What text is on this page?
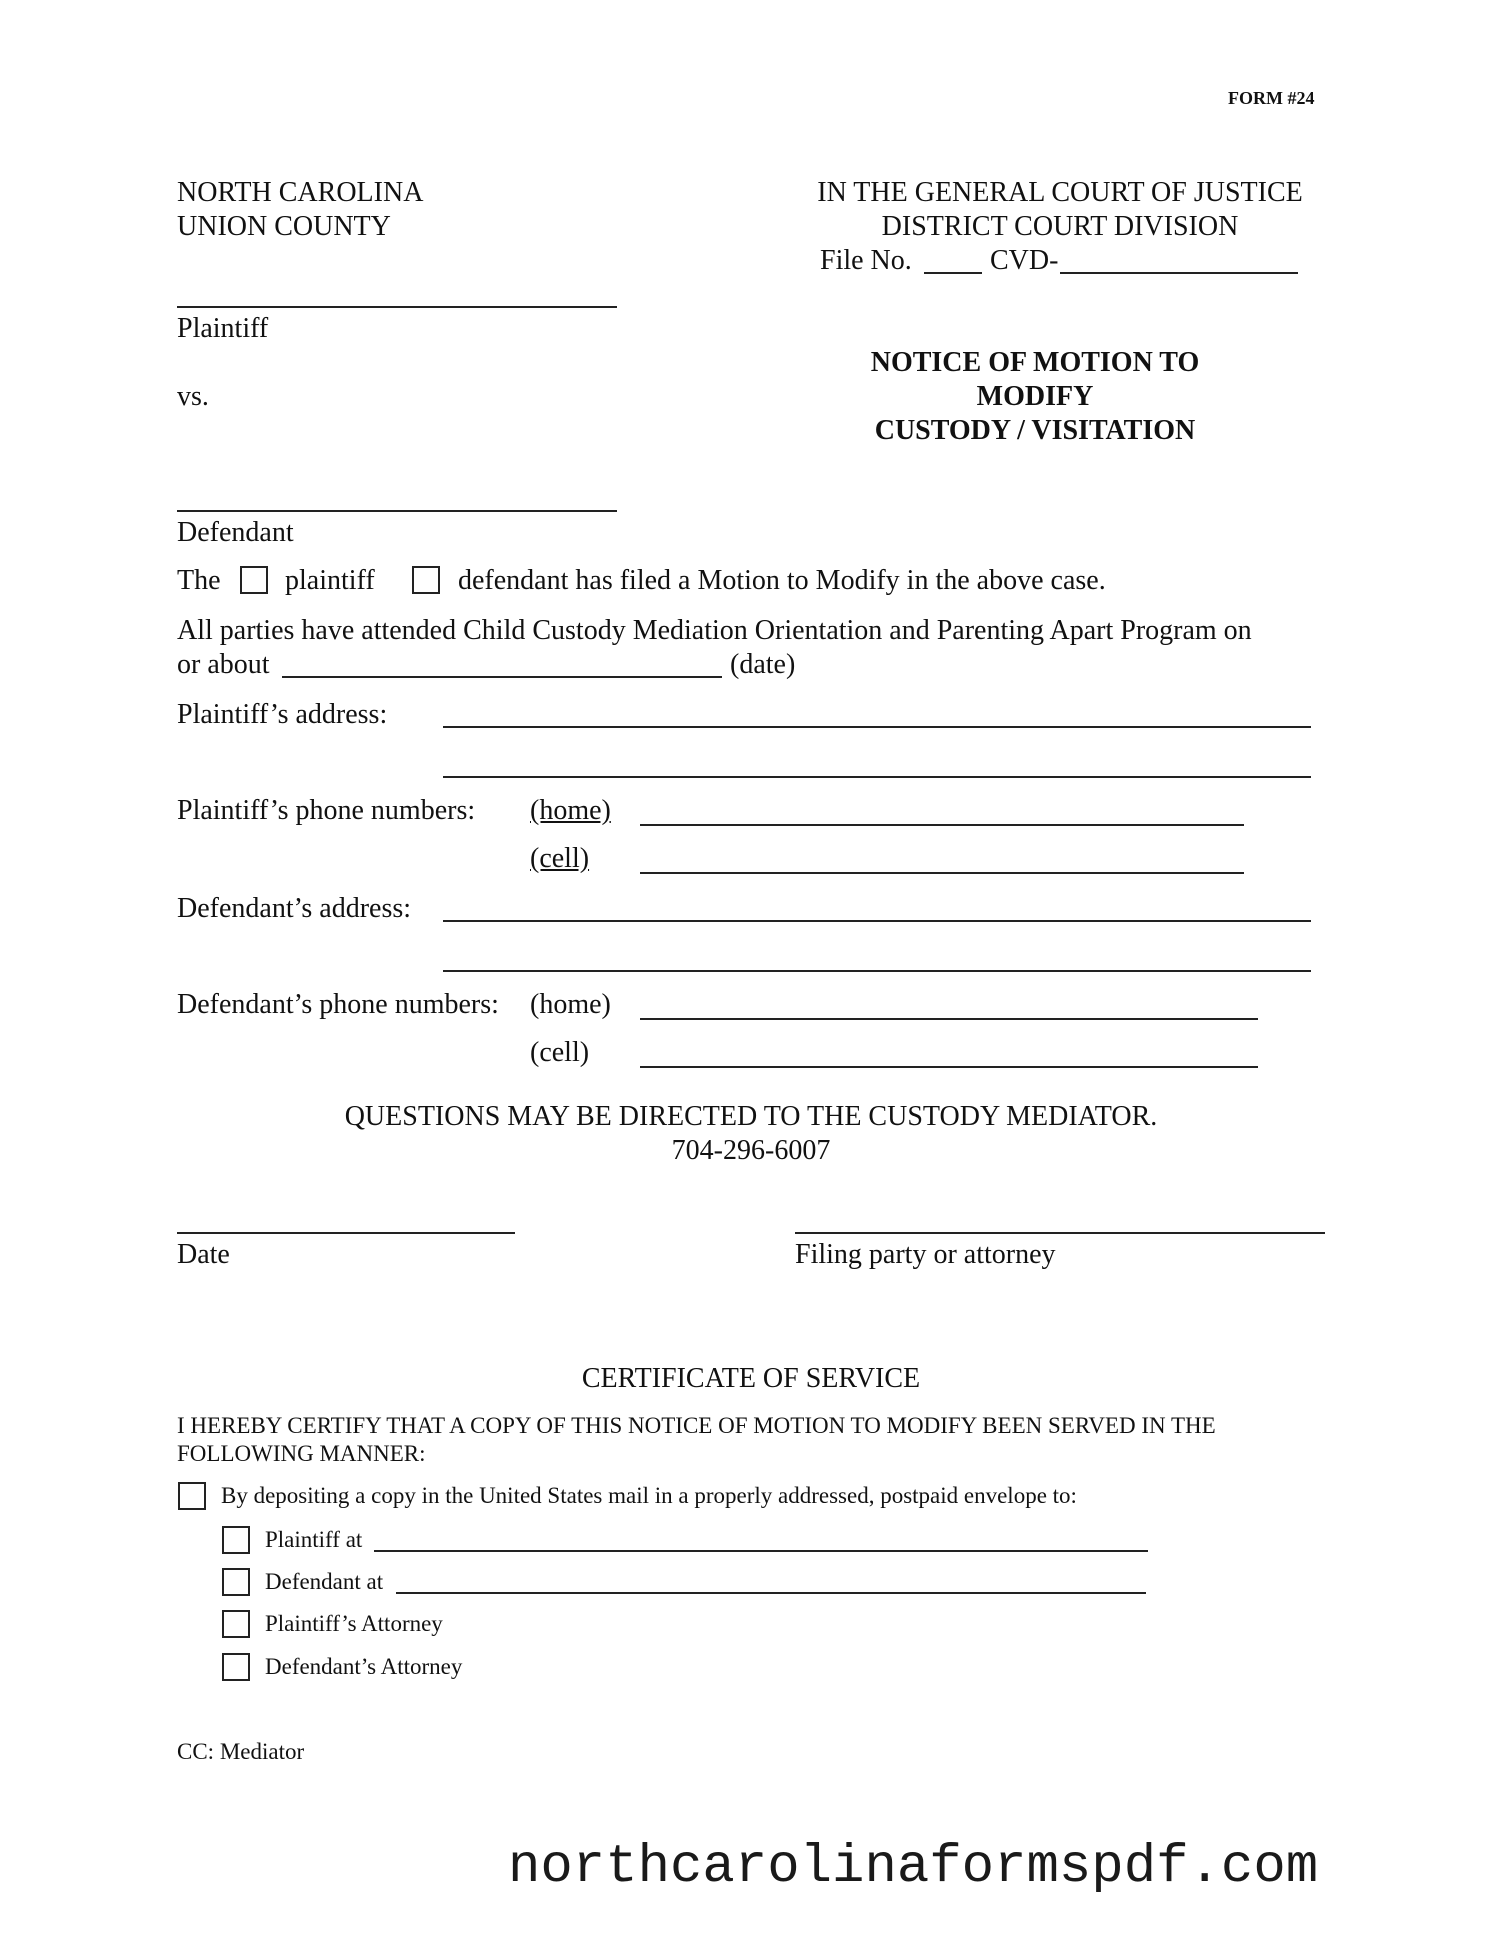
FORM #24
NORTH CAROLINA
UNION COUNTY
IN THE GENERAL COURT OF JUSTICE
DISTRICT COURT DIVISION
File No.	CVD-
Plaintiff
vs.
Defendant
NOTICE OF MOTION TO
MODIFY
CUSTODY / VISITATION
The plaintiff	defendant has filed a Motion to Modify in the above case.
All parties have attended Child Custody Mediation Orientation and Parenting Apart Program on
or about	(date)
Plaintiff’s address:
Plaintiff’s phone numbers: (home)
(cell)
Defendant’s address:
Defendant’s phone numbers: (home)
(cell)
QUESTIONS MAY BE DIRECTED TO THE CUSTODY MEDIATOR.
704-296-6007
Date	Filing party or attorney
CERTIFICATE OF SERVICE
I HEREBY CERTIFY THAT A COPY OF THIS NOTICE OF MOTION TO MODIFY BEEN SERVED IN THE
FOLLOWING MANNER:
By depositing a copy in the United States mail in a properly addressed, postpaid envelope to:
Plaintiff at
Defendant at
Plaintiff’s Attorney
Defendant’s Attorney
CC: Mediator
northcarolinaformspdf.com
